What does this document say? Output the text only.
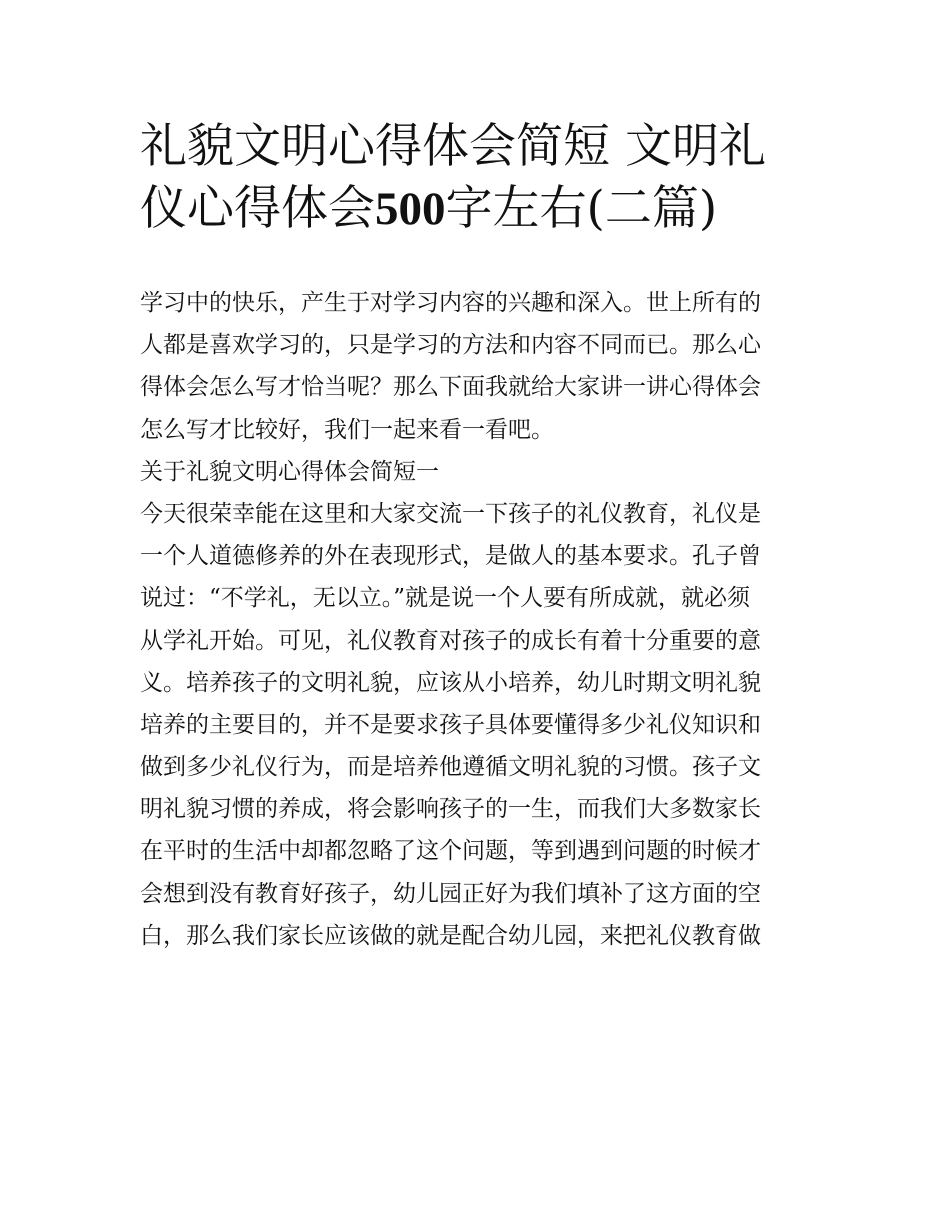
礼貌文明心得体会简短 文明礼
仪心得体会500字左右(二篇)
学习中的快乐，产生于对学习内容的兴趣和深入。世上所有的
人都是喜欢学习的，只是学习的方法和内容不同而已。那么心
得体会怎么写才恰当呢？那么下面我就给大家讲一讲心得体会
怎么写才比较好，我们一起来看一看吧。
关于礼貌文明心得体会简短一
今天很荣幸能在这里和大家交流一下孩子的礼仪教育，礼仪是
一个人道德修养的外在表现形式，是做人的基本要求。孔子曾
说过：“不学礼，无以立。”就是说一个人要有所成就，就必须
从学礼开始。可见，礼仪教育对孩子的成长有着十分重要的意
义。培养孩子的文明礼貌，应该从小培养，幼儿时期文明礼貌
培养的主要目的，并不是要求孩子具体要懂得多少礼仪知识和
做到多少礼仪行为，而是培养他遵循文明礼貌的习惯。孩子文
明礼貌习惯的养成，将会影响孩子的一生，而我们大多数家长
在平时的生活中却都忽略了这个问题，等到遇到问题的时候才
会想到没有教育好孩子，幼儿园正好为我们填补了这方面的空
白，那么我们家长应该做的就是配合幼儿园，来把礼仪教育做
